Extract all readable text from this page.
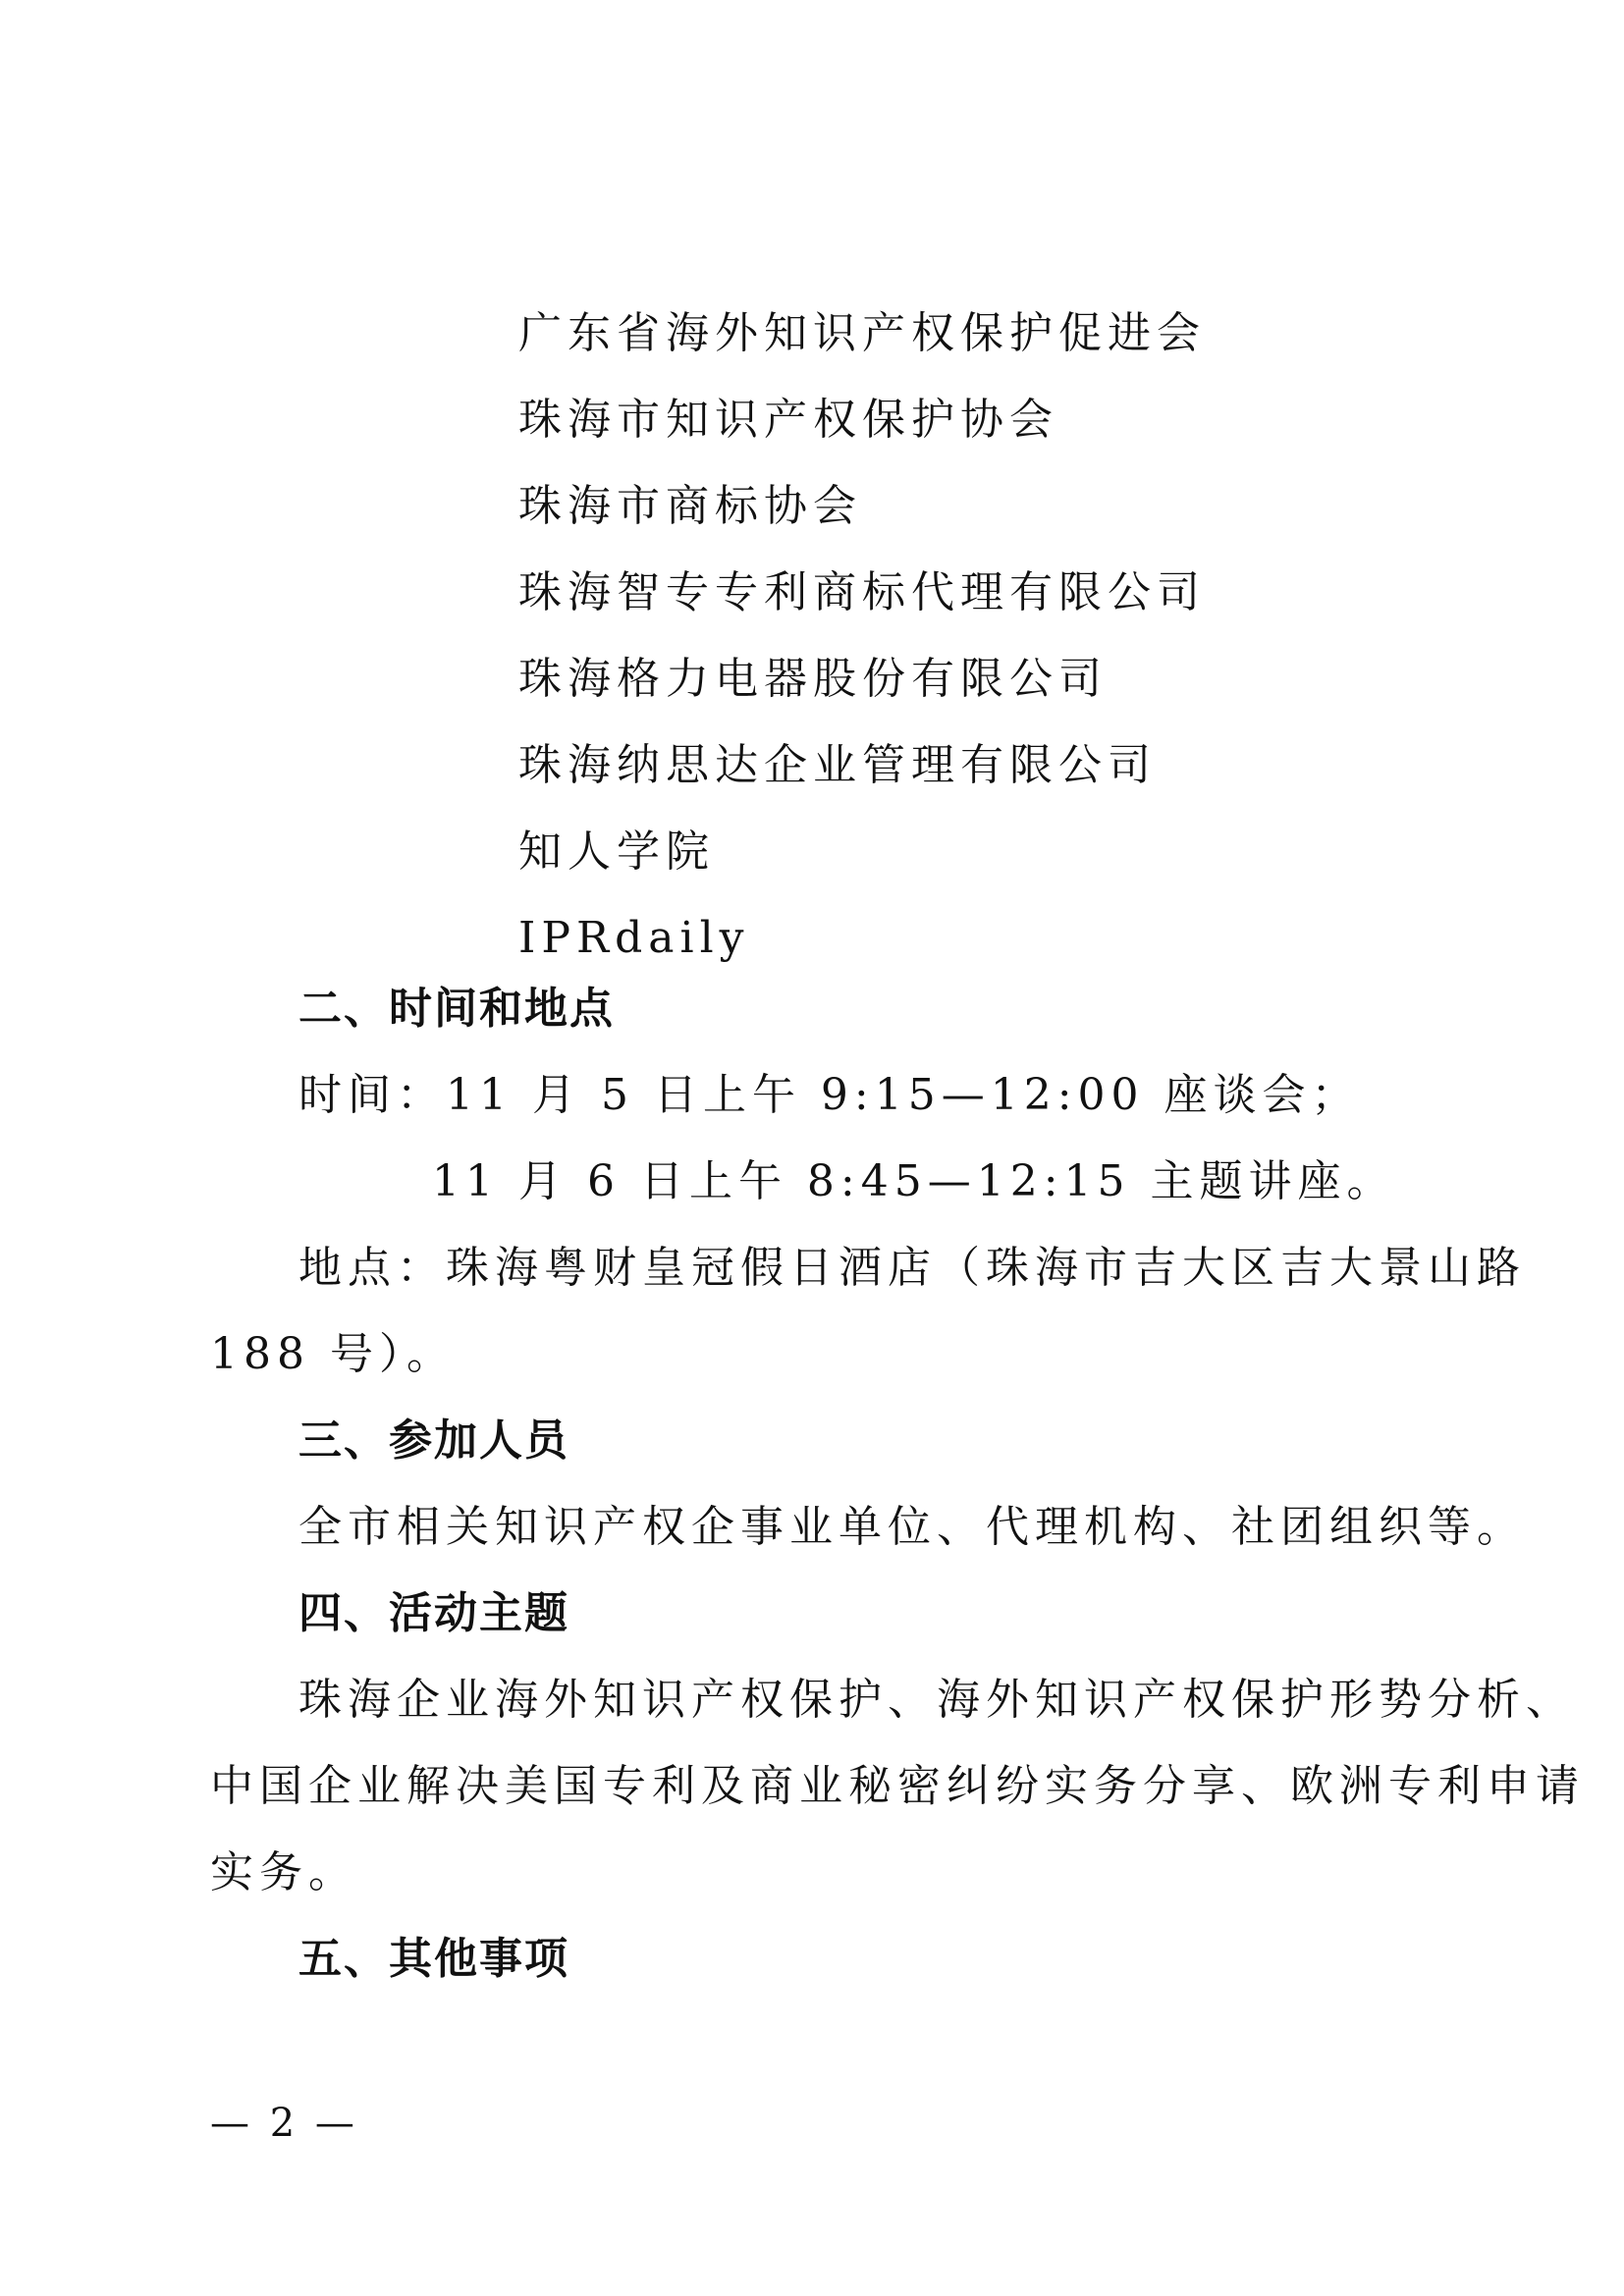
广东省海外知识产权保护促进会
珠海市知识产权保护协会
珠海市商标协会
珠海智专专利商标代理有限公司
珠海格力电器股份有限公司
珠海纳思达企业管理有限公司
知人学院
IPRdaily
二、时间和地点
时间：11 月 5 日上午 9:15—12:00 座谈会；
11 月 6 日上午 8:45—12:15 主题讲座。
地点：珠海粤财皇冠假日酒店（珠海市吉大区吉大景山路
188 号）。
三、参加人员
全市相关知识产权企事业单位、代理机构、社团组织等。
四、活动主题
珠海企业海外知识产权保护、海外知识产权保护形势分析、
中国企业解决美国专利及商业秘密纠纷实务分享、欧洲专利申请
实务。
五、其他事项
— 2 —
